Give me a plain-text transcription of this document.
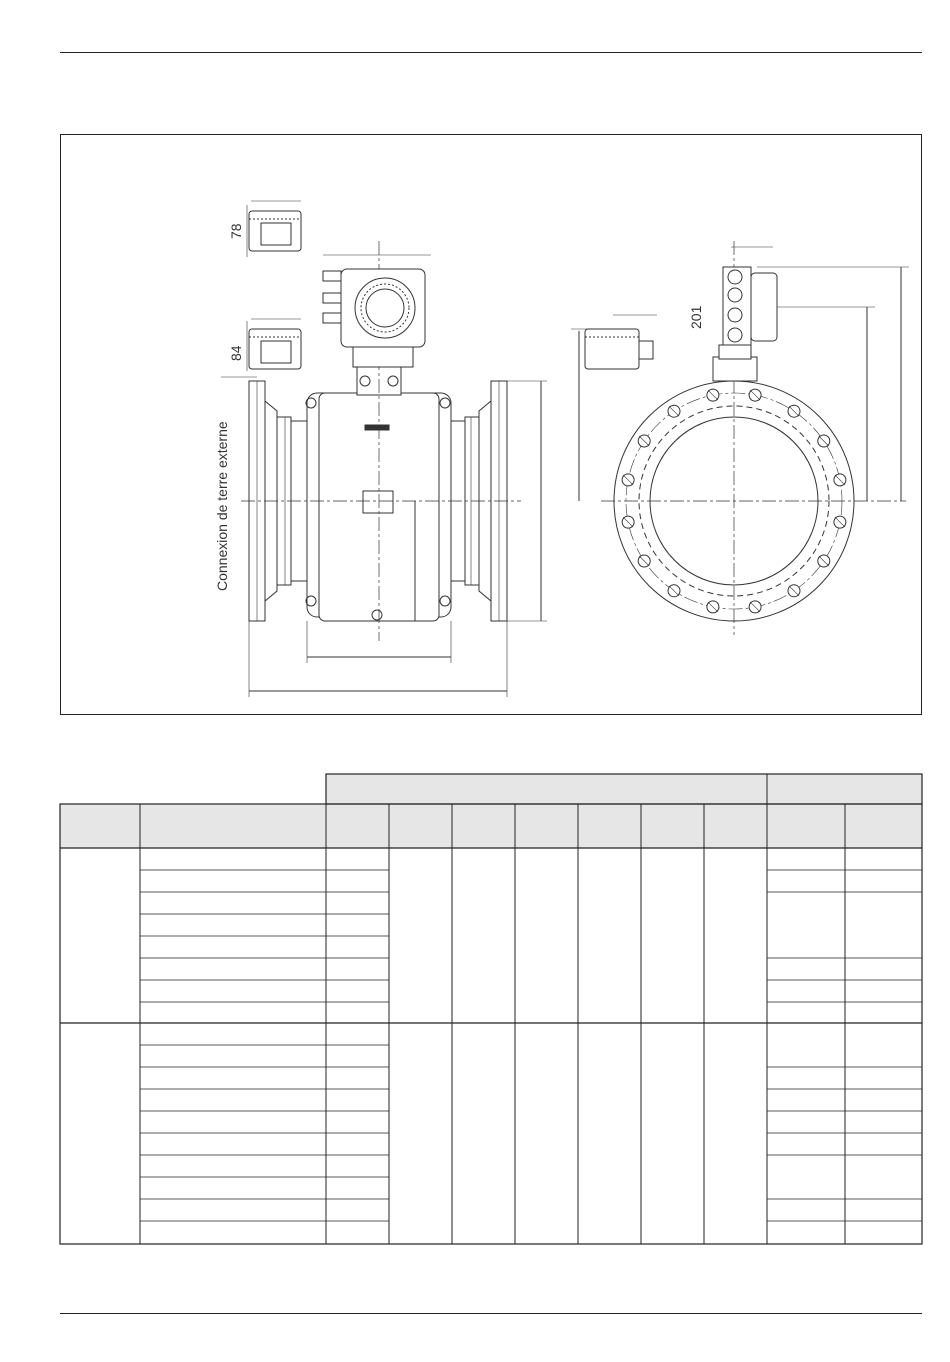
78
84
201
Connexion de terre externe
